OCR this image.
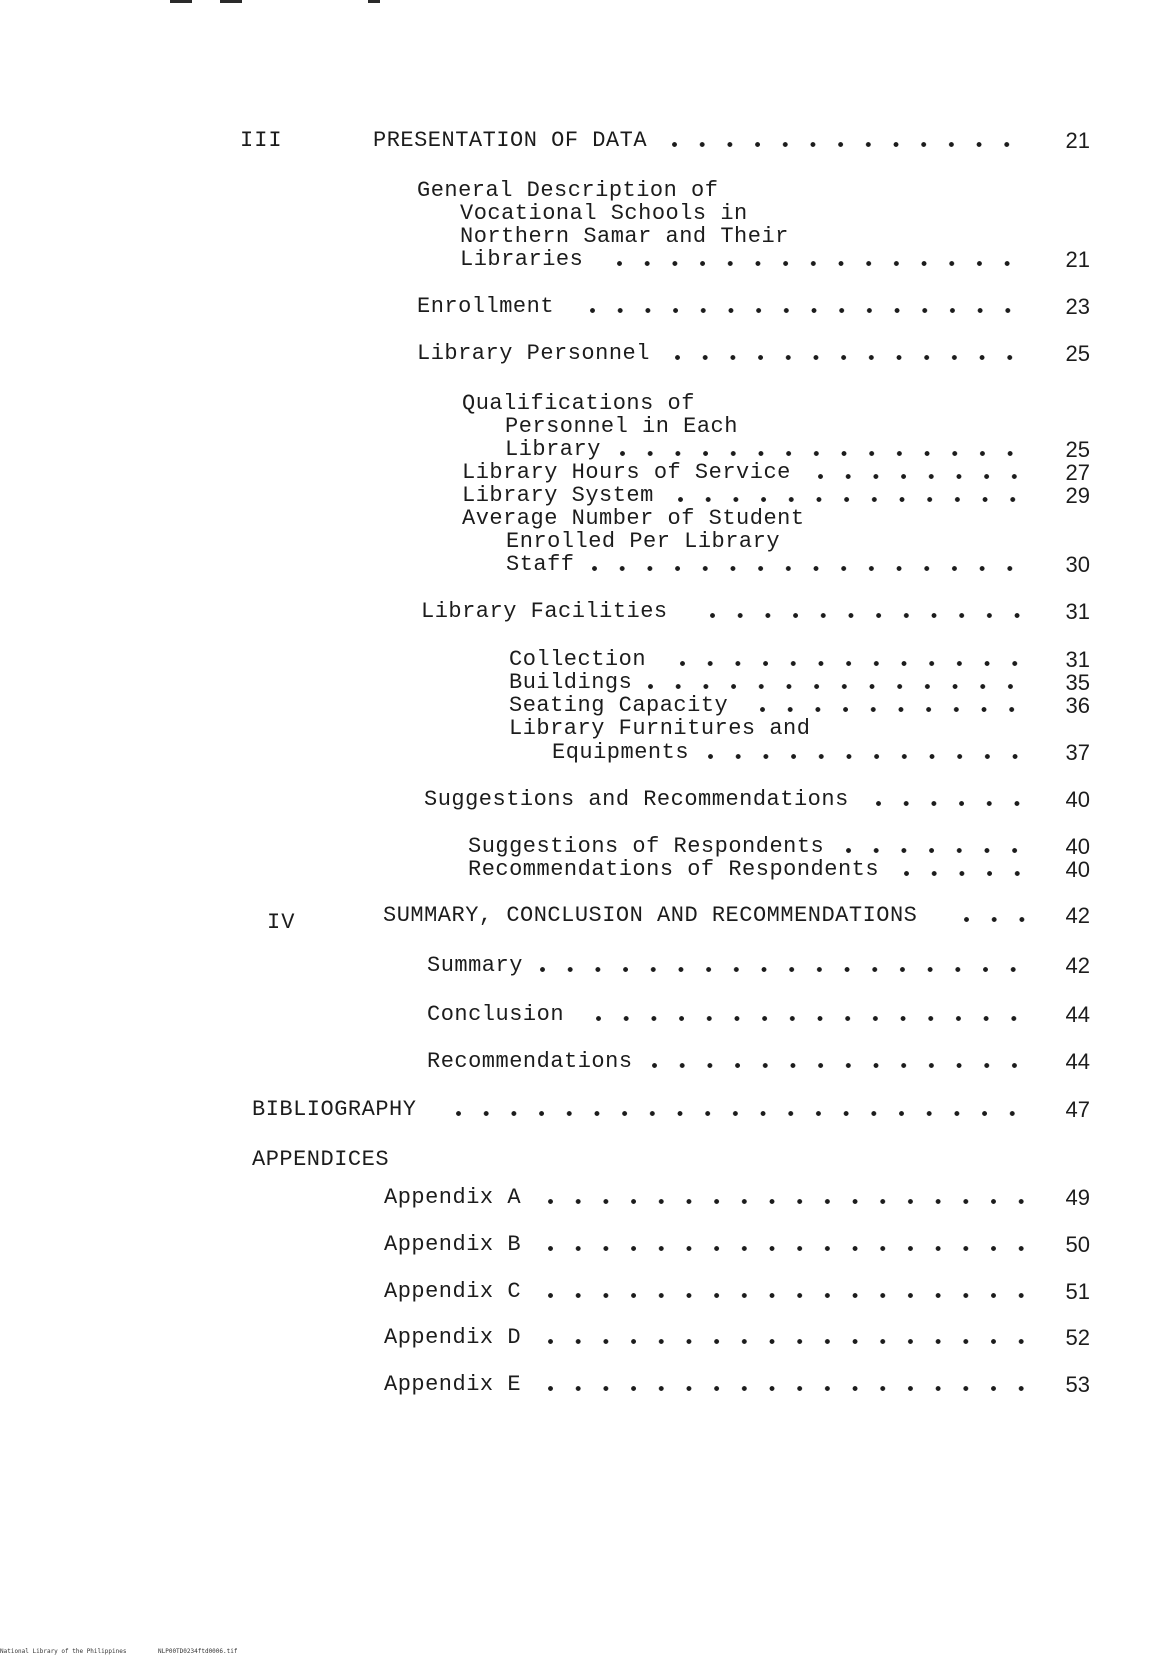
III	PRESENTATION OF DATA	21
General Description of
Vocational Schools in
Northern Samar and Their
Libraries	21
Enrollment	23
Library Personnel	25
Qualifications of
Personnel in Each
Library	25
Library Hours of Service	27
Library System	29
Average Number of Student
Enrolled Per Library
Staff	30
Library Facilities	31
Collection	31
Buildings	35
Seating Capacity	36
Library Furnitures and
Equipments	37
Suggestions and Recommendations	40
Suggestions of Respondents	40
Recommendations of Respondents	40
IV	SUMMARY, CONCLUSION AND RECOMMENDATIONS	42
Summary	42
Conclusion	44
Recommendations	44
BIBLIOGRAPHY	47
APPENDICES
Appendix A	49
Appendix B	50
Appendix C	51
Appendix D	52
Appendix E	53
National Library of the Philippines	NLP00TD0234ftd0006.tif
